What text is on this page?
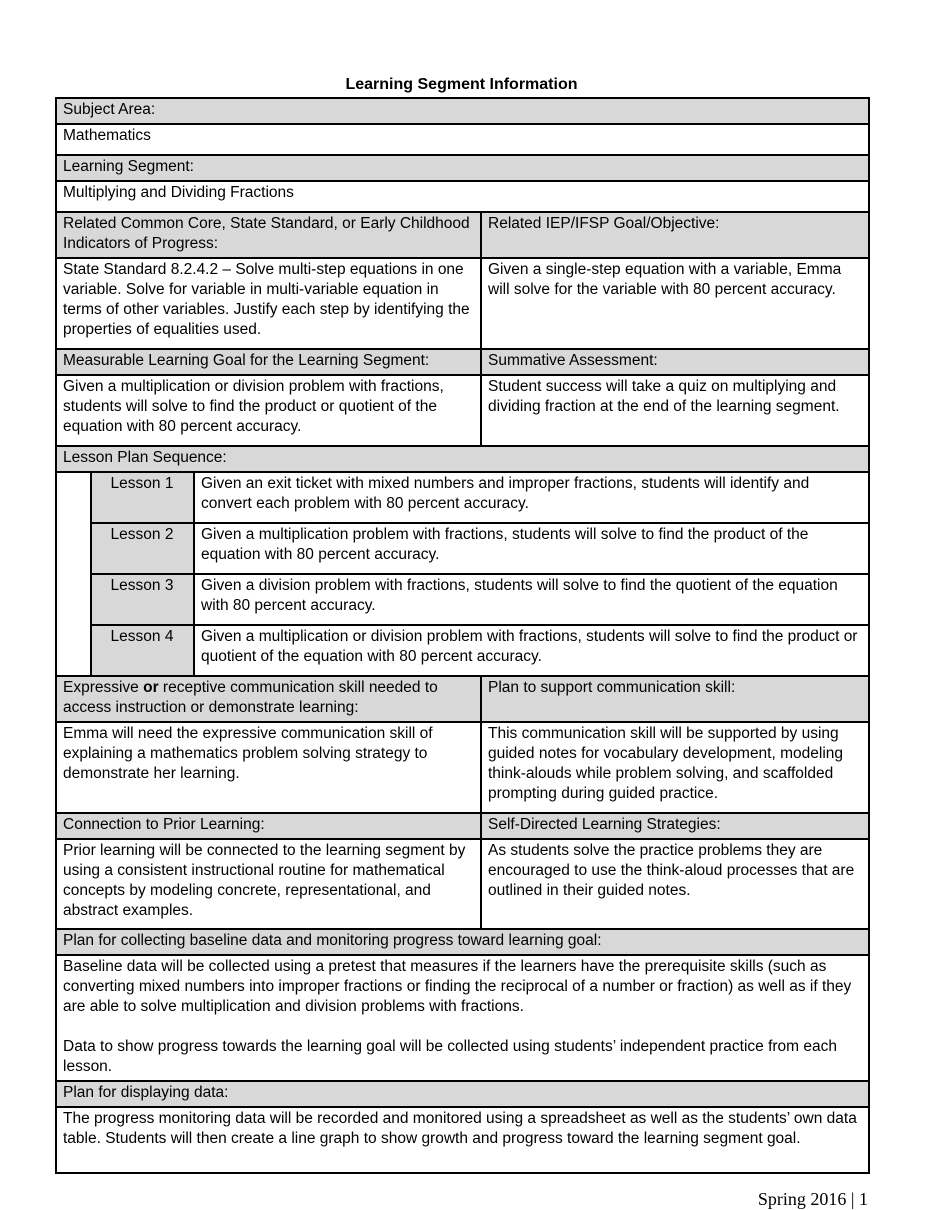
Learning Segment Information
Subject Area:			
Mathematics			
Learning Segment:			
Multiplying and Dividing Fractions			
Related Common Core, State Standard, or Early Childhood Indicators of Progress:			Related IEP/IFSP Goal/Objective:
State Standard 8.2.4.2 – Solve multi-step equations in one variable. Solve for variable in multi-variable equation in terms of other variables. Justify each step by identifying the properties of equalities used.			Given a single-step equation with a variable, Emma will solve for the variable with 80 percent accuracy.
Measurable Learning Goal for the Learning Segment:			Summative Assessment:
Given a multiplication or division problem with fractions, students will solve to find the product or quotient of the equation with 80 percent accuracy.			Student success will take a quiz on multiplying and dividing fraction at the end of the learning segment.
Lesson Plan Sequence:			
	Lesson 1	Given an exit ticket with mixed numbers and improper fractions, students will identify and convert each problem with 80 percent accuracy.	
	Lesson 2	Given a multiplication problem with fractions, students will solve to find the product of the equation with 80 percent accuracy.	
	Lesson 3	Given a division problem with fractions, students will solve to find the quotient of the equation with 80 percent accuracy.	
	Lesson 4	Given a multiplication or division problem with fractions, students will solve to find the product or quotient of the equation with 80 percent accuracy.	
Expressive or receptive communication skill needed to access instruction or demonstrate learning:			Plan to support communication skill:
Emma will need the expressive communication skill of explaining a mathematics problem solving strategy to demonstrate her learning.			This communication skill will be supported by using guided notes for vocabulary development, modeling think-alouds while problem solving, and scaffolded prompting during guided practice.
Connection to Prior Learning:			Self-Directed Learning Strategies:
Prior learning will be connected to the learning segment by using a consistent instructional routine for mathematical concepts by modeling concrete, representational, and abstract examples.			As students solve the practice problems they are encouraged to use the think-aloud processes that are outlined in their guided notes.
Plan for collecting baseline data and monitoring progress toward learning goal:			

Baseline data will be collected using a pretest that measures if the learners have the prerequisite skills (such as converting mixed numbers into improper fractions or finding the reciprocal of a number or fraction) as well as if they are able to solve multiplication and division problems with fractions.
Data to show progress towards the learning goal will be collected using students’ independent practice from each lesson.			

Plan for displaying data:			
The progress monitoring data will be recorded and monitored using a spreadsheet as well as the students’ own data table. Students will then create a line graph to show growth and progress toward the learning segment goal.			
Spring 2016 | 1
